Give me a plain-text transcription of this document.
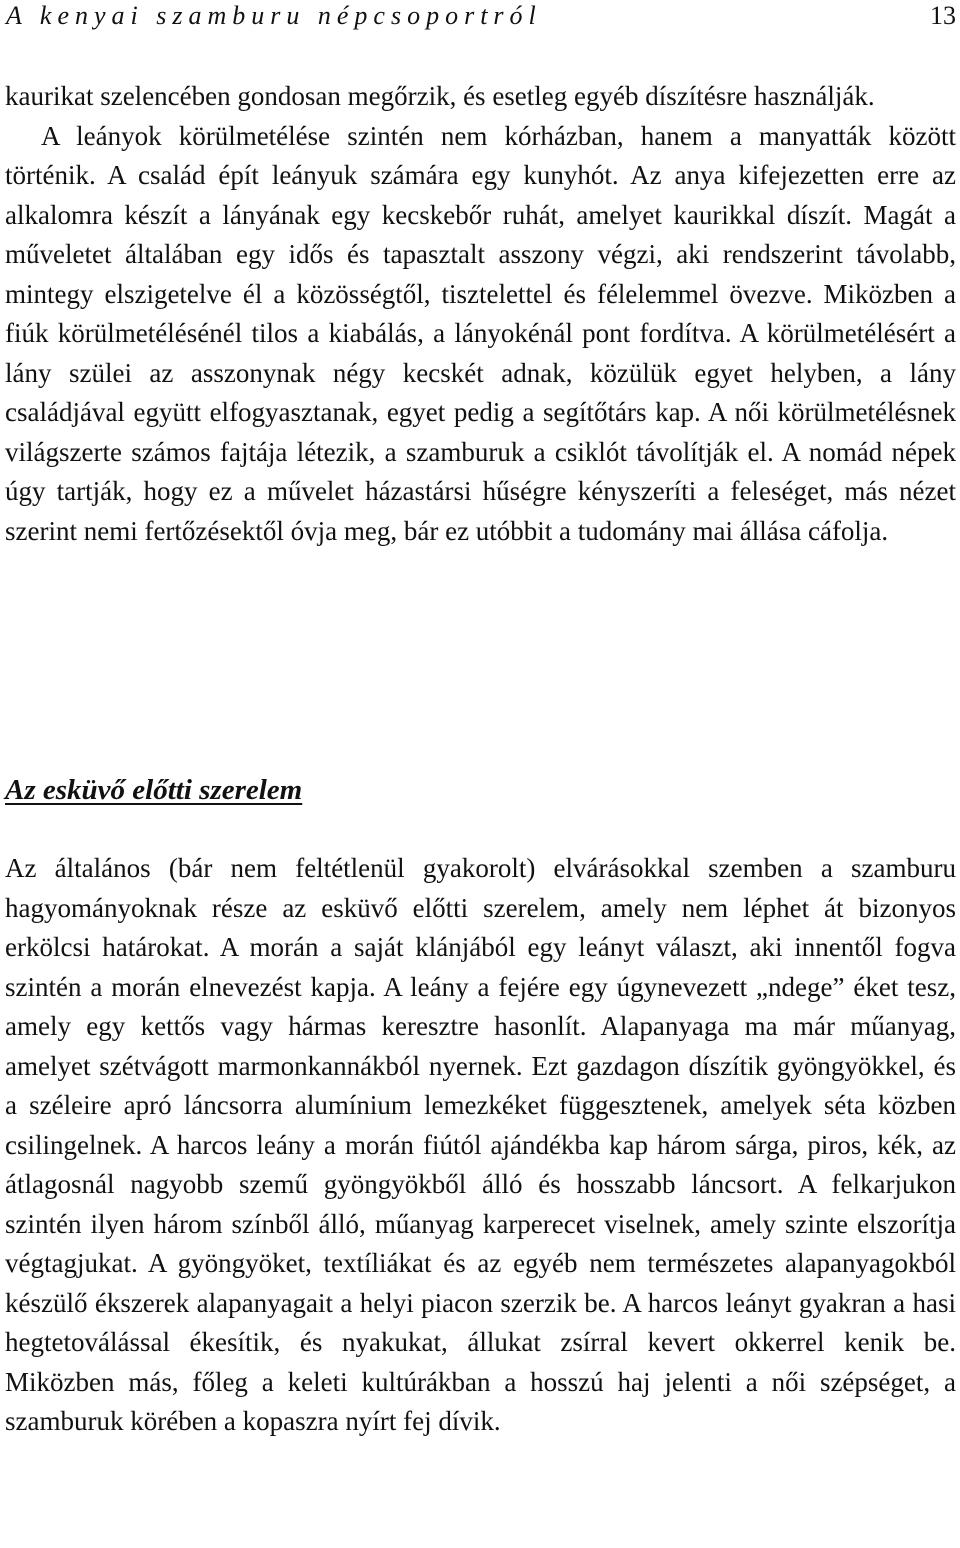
A kenyai szamburu népcsoportról	13
kaurikat szelencében gondosan megőrzik, és esetleg egyéb díszítésre használják.
A leányok körülmetélése szintén nem kórházban, hanem a manyatták között történik. A család épít leányuk számára egy kunyhót. Az anya kifejezetten erre az alkalomra készít a lányának egy kecskebőr ruhát, amelyet kaurikkal díszít. Magát a műveletet általában egy idős és tapasztalt asszony végzi, aki rendszerint távolabb, mintegy elszigetelve él a közösségtől, tisztelettel és félelemmel övezve. Miközben a fiúk körülmetélésénél tilos a kiabálás, a lányokénál pont fordítva. A körülmetélésért a lány szülei az asszonynak négy kecskét adnak, közülük egyet helyben, a lány családjával együtt elfogyasztanak, egyet pedig a segítőtárs kap. A női körülmetélésnek világszerte számos fajtája létezik, a szamburuk a csiklót távolítják el. A nomád népek úgy tartják, hogy ez a művelet házastársi hűségre kényszeríti a feleséget, más nézet szerint nemi fertőzésektől óvja meg, bár ez utóbbit a tudomány mai állása cáfolja.
Az esküvő előtti szerelem

Az általános (bár nem feltétlenül gyakorolt) elvárásokkal szemben a szamburu hagyományoknak része az esküvő előtti szerelem, amely nem léphet át bizonyos erkölcsi határokat. A morán a saját klánjából egy leányt választ, aki innentől fogva szintén a morán elnevezést kapja. A leány a fejére egy úgynevezett „ndege” éket tesz, amely egy kettős vagy hármas keresztre hasonlít. Alapanyaga ma már műanyag, amelyet szétvágott marmonkannákból nyernek. Ezt gazdagon díszítik gyöngyökkel, és a széleire apró láncsorra alumínium lemezkéket függesztenek, amelyek séta közben csilingelnek. A harcos leány a morán fiútól ajándékba kap három sárga, piros, kék, az átlagosnál nagyobb szemű gyöngyökből álló és hosszabb láncsort. A felkarjukon szintén ilyen három színből álló, műanyag karperecet viselnek, amely szinte elszorítja végtagjukat. A gyöngyöket, textíliákat és az egyéb nem természetes alapanyagokból készülő ékszerek alapanyagait a helyi piacon szerzik be. A harcos leányt gyakran a hasi hegtetoválással ékesítik, és nyakukat, állukat zsírral kevert okkerrel kenik be. Miközben más, főleg a keleti kultúrákban a hosszú haj jelenti a női szépséget, a szamburuk körében a kopaszra nyírt fej dívik.
